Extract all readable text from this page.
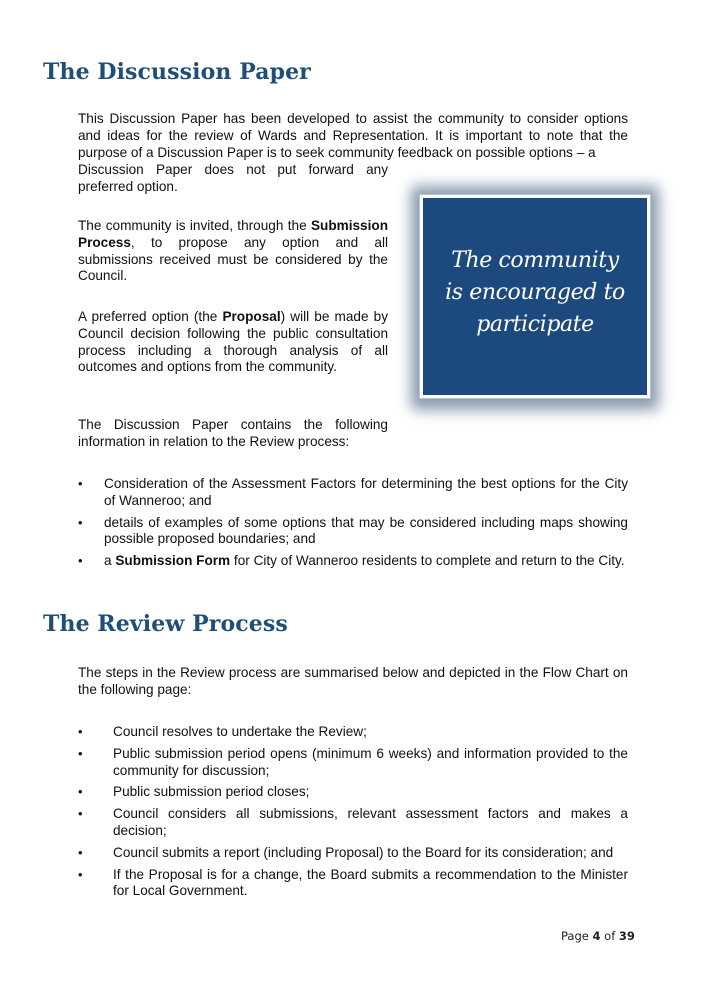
The Discussion Paper

This Discussion Paper has been developed to assist the community to consider options and ideas for the review of Wards and Representation. It is important to note that the purpose of a Discussion Paper is to seek community feedback on possible options – a

Discussion Paper does not put forward any preferred option.

The community is invited, through the Submission Process, to propose any option and all submissions received must be considered by the Council.

A preferred option (the Proposal) will be made by Council decision following the public consultation process including a thorough analysis of all outcomes and options from the community.

The Discussion Paper contains the following information in relation to the Review process:

The community is encouraged to participate

• Consideration of the Assessment Factors for determining the best options for the City of Wanneroo; and
• details of examples of some options that may be considered including maps showing possible proposed boundaries; and
• a Submission Form for City of Wanneroo residents to complete and return to the City.
The Review Process

The steps in the Review process are summarised below and depicted in the Flow Chart on the following page:

• Council resolves to undertake the Review;
• Public submission period opens (minimum 6 weeks) and information provided to the community for discussion;
• Public submission period closes;
• Council considers all submissions, relevant assessment factors and makes a decision;
• Council submits a report (including Proposal) to the Board for its consideration; and
• If the Proposal is for a change, the Board submits a recommendation to the Minister for Local Government.
Page 4 of 39
